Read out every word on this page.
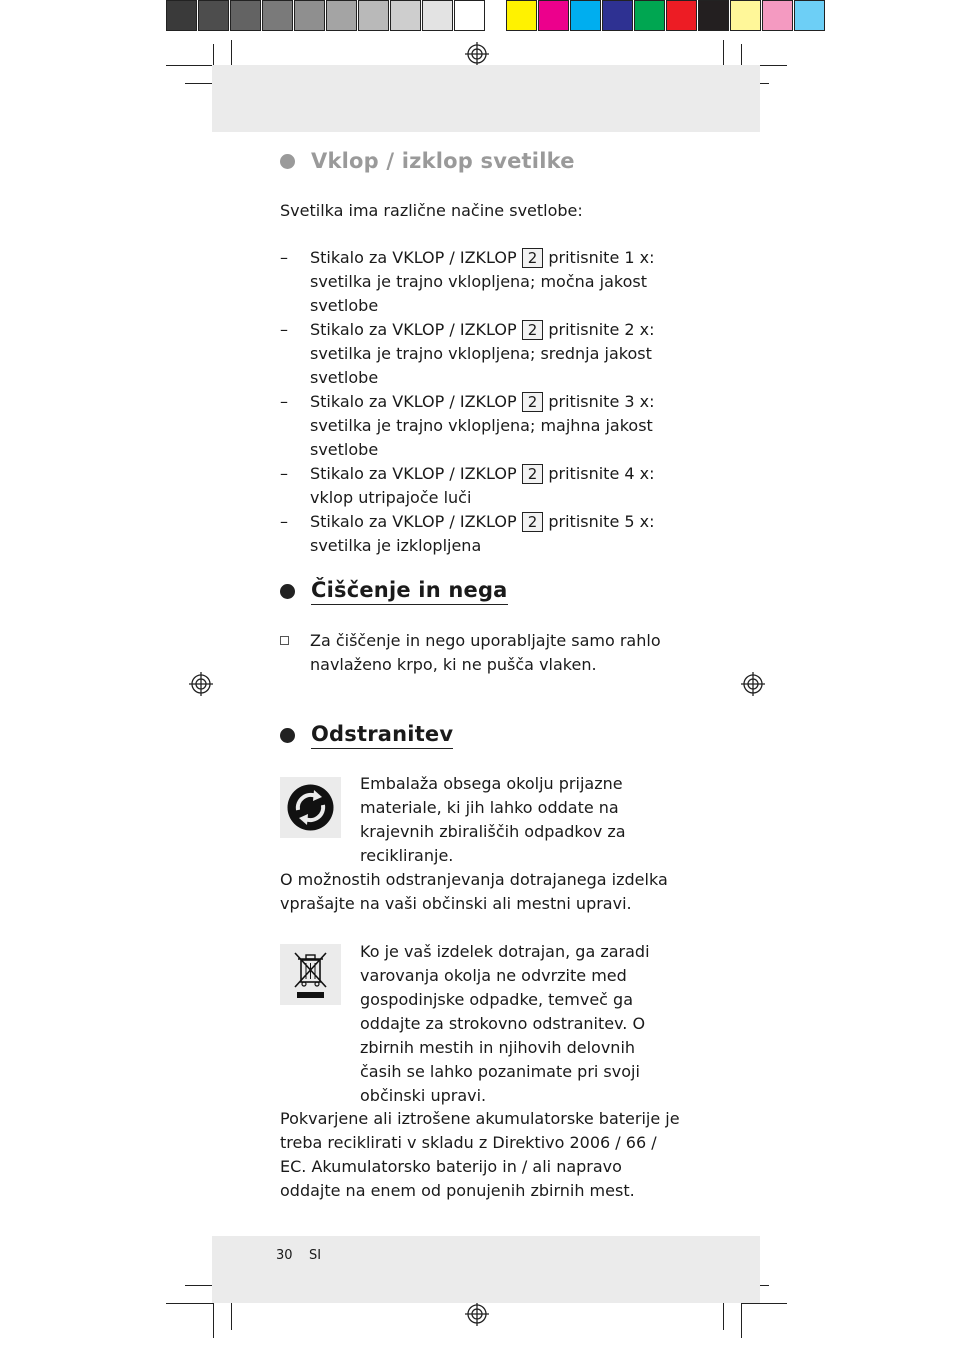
Vklop / izklop svetilke

Svetilka ima različne načine svetlobe:

– Stikalo za VKLOP / IZKLOP 2 pritisnite 1 x:
svetilka je trajno vklopljena; močna jakost svetlobe
– Stikalo za VKLOP / IZKLOP 2 pritisnite 2 x:
svetilka je trajno vklopljena; srednja jakost svetlobe
– Stikalo za VKLOP / IZKLOP 2 pritisnite 3 x:
svetilka je trajno vklopljena; majhna jakost svetlobe
– Stikalo za VKLOP / IZKLOP 2 pritisnite 4 x:
vklop utripajoče luči
– Stikalo za VKLOP / IZKLOP 2 pritisnite 5 x:
svetilka je izklopljena
Čiščenje in nega

Za čiščenje in nego uporabljajte samo rahlo navlaženo krpo, ki ne pušča vlaken.

Odstranitev

Embalaža obsega okolju prijazne materiale, ki jih lahko oddate na krajevnih zbirališčih odpadkov za recikliranje.

O možnostih odstranjevanja dotrajanega izdelka vprašajte na vaši občinski ali mestni upravi.

Ko je vaš izdelek dotrajan, ga zaradi varovanja okolja ne odvrzite med gospodinjske odpadke, temveč ga oddajte za strokovno odstranitev. O zbirnih mestih in njihovih delovnih časih se lahko pozanimate pri svoji občinski upravi.

Pokvarjene ali iztrošene akumulatorske baterije je treba reciklirati v skladu z Direktivo 2006 / 66 / EC. Akumulatorsko baterijo in / ali napravo oddajte na enem od ponujenih zbirnih mest.

30 SI
